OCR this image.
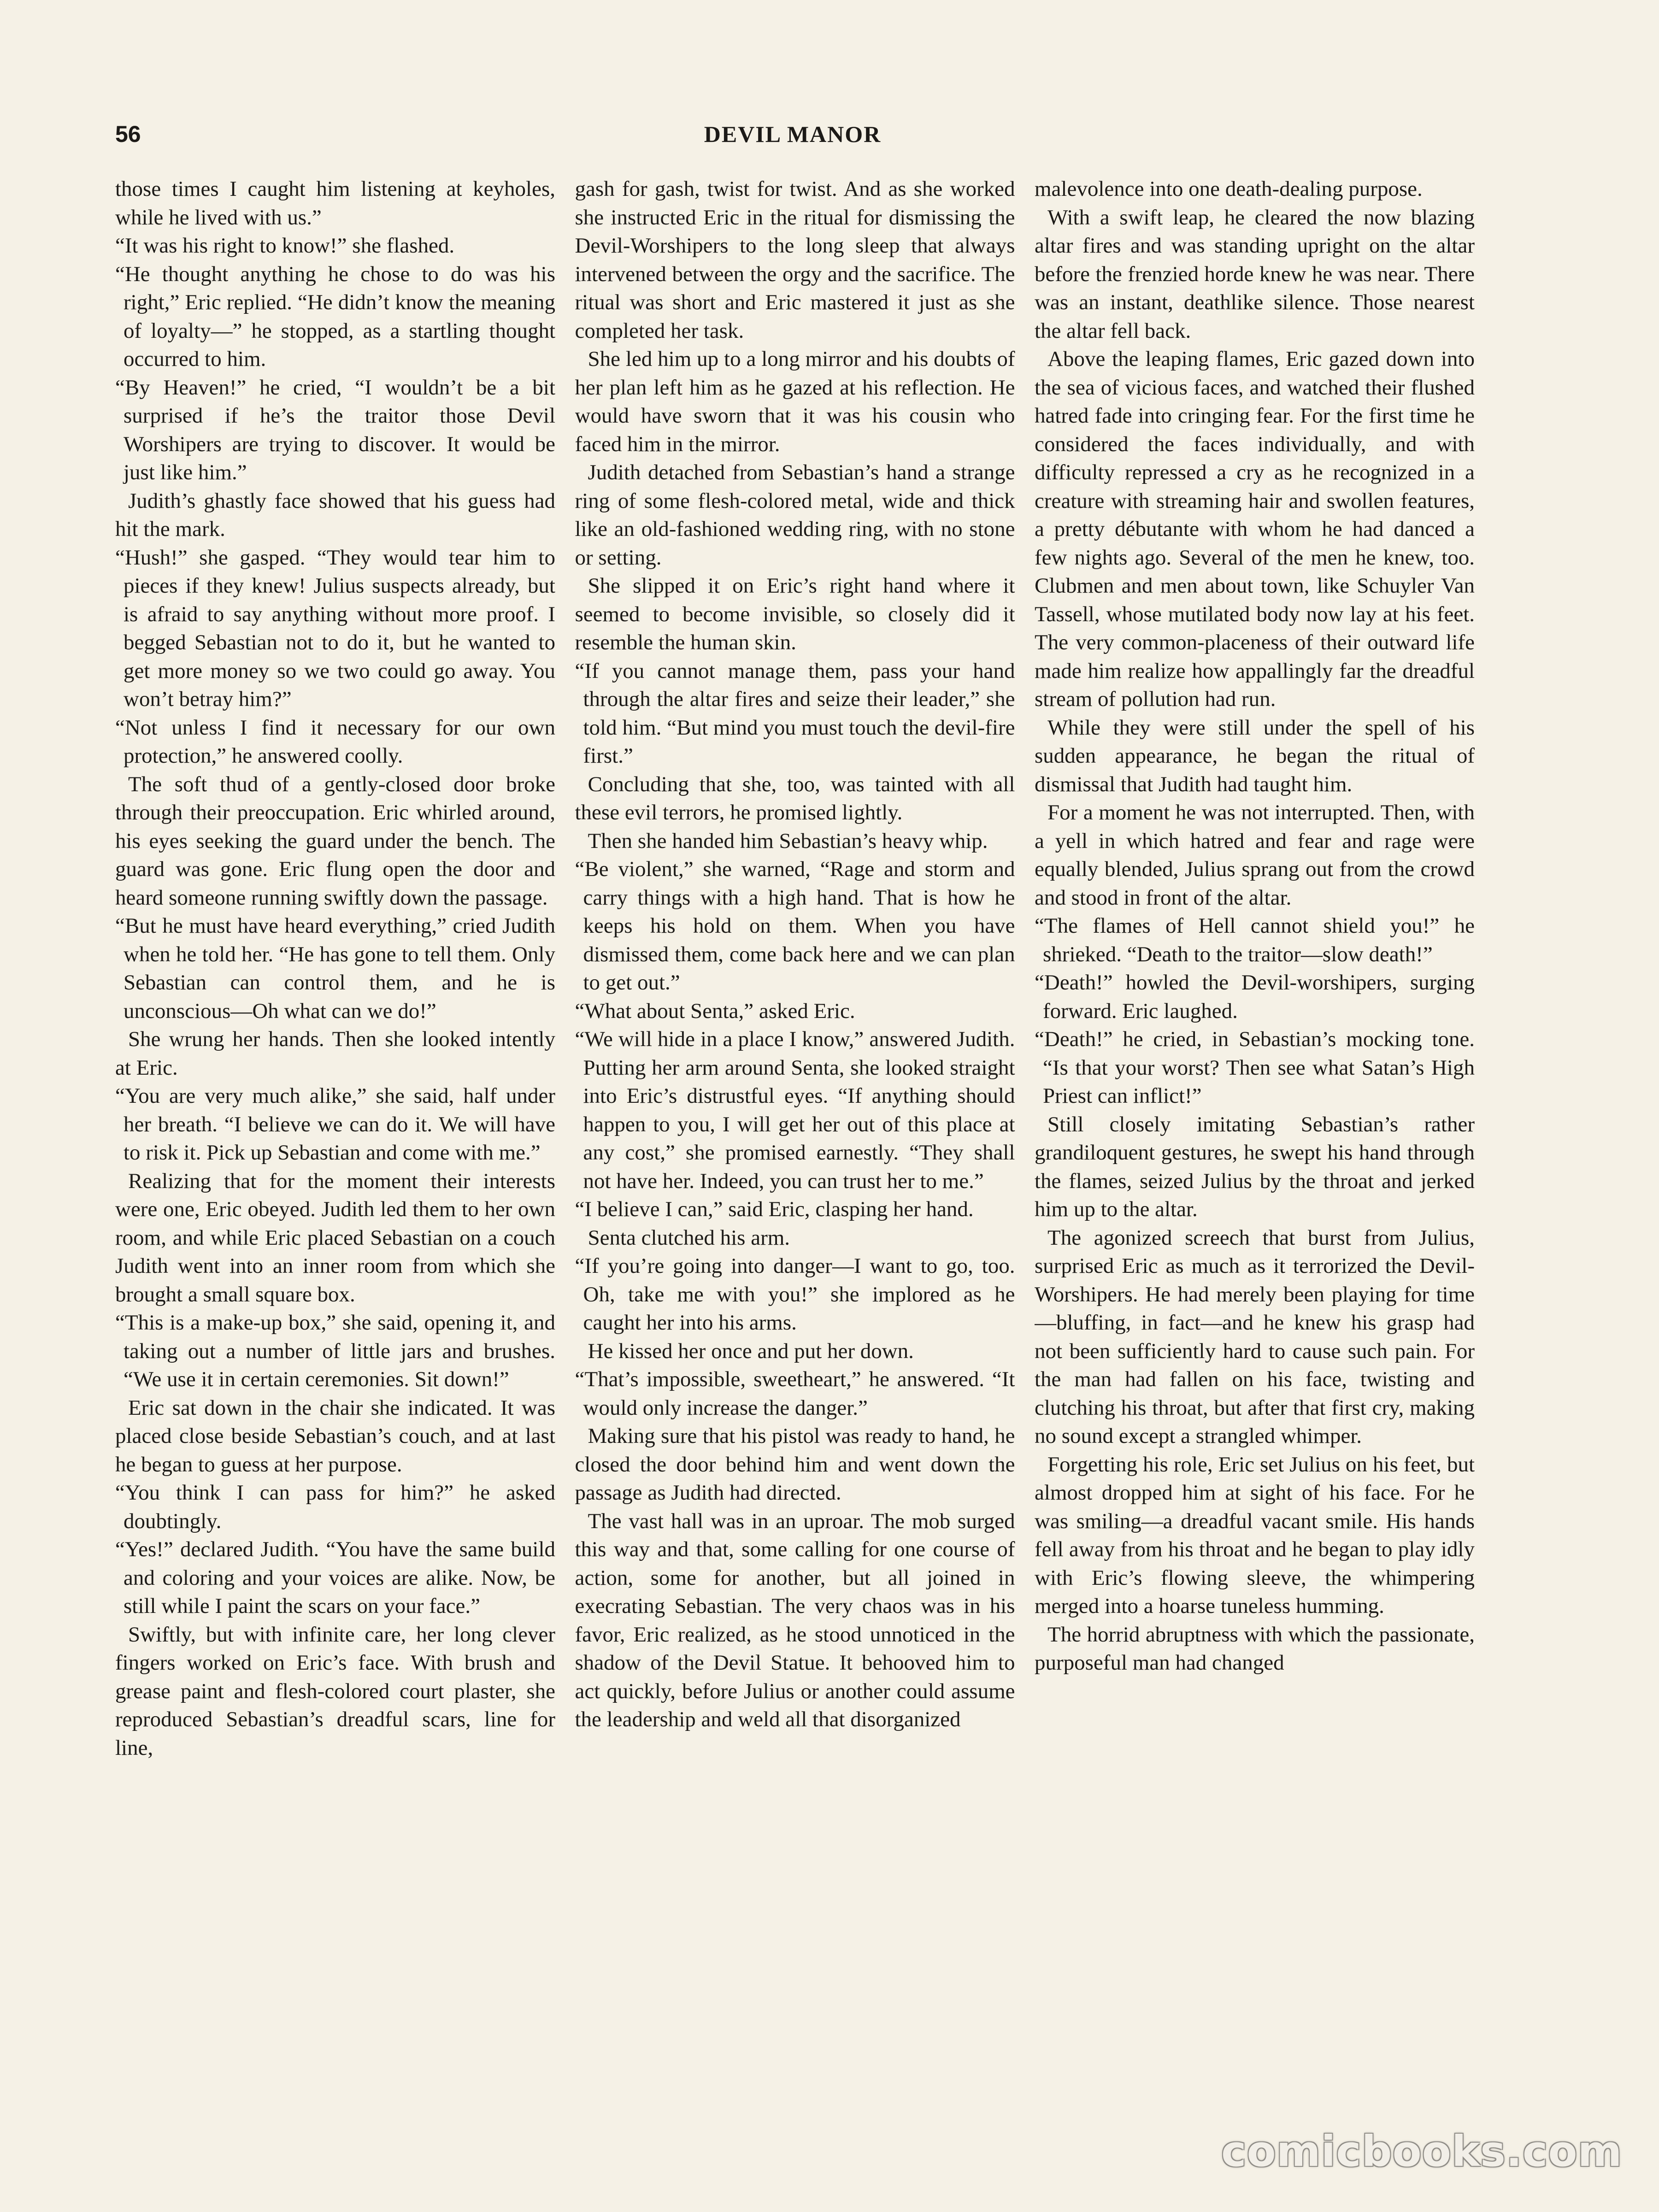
56	DEVIL MANOR

those times I caught him listening at keyholes, while he lived with us.”

“It was his right to know!” she flashed.

“He thought anything he chose to do was his right,” Eric replied. “He didn’t know the meaning of loyalty—” he stopped, as a startling thought occurred to him.

“By Heaven!” he cried, “I wouldn’t be a bit surprised if he’s the traitor those Devil Worshipers are trying to discover. It would be just like him.”

Judith’s ghastly face showed that his guess had hit the mark.

“Hush!” she gasped. “They would tear him to pieces if they knew! Julius suspects already, but is afraid to say anything without more proof. I begged Sebastian not to do it, but he wanted to get more money so we two could go away. You won’t betray him?”

“Not unless I find it necessary for our own protection,” he answered coolly.

The soft thud of a gently-closed door broke through their preoccupation. Eric whirled around, his eyes seeking the guard under the bench. The guard was gone. Eric flung open the door and heard someone running swiftly down the passage.

“But he must have heard everything,” cried Judith when he told her. “He has gone to tell them. Only Sebastian can control them, and he is unconscious—Oh what can we do!”

She wrung her hands. Then she looked intently at Eric.

“You are very much alike,” she said, half under her breath. “I believe we can do it. We will have to risk it. Pick up Sebastian and come with me.”

Realizing that for the moment their interests were one, Eric obeyed. Judith led them to her own room, and while Eric placed Sebastian on a couch Judith went into an inner room from which she brought a small square box.

“This is a make-up box,” she said, opening it, and taking out a number of little jars and brushes. “We use it in certain ceremonies. Sit down!”

Eric sat down in the chair she indicated. It was placed close beside Sebastian’s couch, and at last he began to guess at her purpose.

“You think I can pass for him?” he asked doubtingly.

“Yes!” declared Judith. “You have the same build and coloring and your voices are alike. Now, be still while I paint the scars on your face.”

Swiftly, but with infinite care, her long clever fingers worked on Eric’s face. With brush and grease paint and flesh-colored court plaster, she reproduced Sebastian’s dreadful scars, line for line,

gash for gash, twist for twist. And as she worked she instructed Eric in the ritual for dismissing the Devil-Worshipers to the long sleep that always intervened between the orgy and the sacrifice. The ritual was short and Eric mastered it just as she completed her task.

She led him up to a long mirror and his doubts of her plan left him as he gazed at his reflection. He would have sworn that it was his cousin who faced him in the mirror.

Judith detached from Sebastian’s hand a strange ring of some flesh-colored metal, wide and thick like an old-fashioned wedding ring, with no stone or setting.

She slipped it on Eric’s right hand where it seemed to become invisible, so closely did it resemble the human skin.

“If you cannot manage them, pass your hand through the altar fires and seize their leader,” she told him. “But mind you must touch the devil-fire first.”

Concluding that she, too, was tainted with all these evil terrors, he promised lightly.

Then she handed him Sebastian’s heavy whip.

“Be violent,” she warned, “Rage and storm and carry things with a high hand. That is how he keeps his hold on them. When you have dismissed them, come back here and we can plan to get out.”

“What about Senta,” asked Eric.

“We will hide in a place I know,” answered Judith. Putting her arm around Senta, she looked straight into Eric’s distrustful eyes. “If anything should happen to you, I will get her out of this place at any cost,” she promised earnestly. “They shall not have her. Indeed, you can trust her to me.”

“I believe I can,” said Eric, clasping her hand.

Senta clutched his arm.

“If you’re going into danger—I want to go, too. Oh, take me with you!” she implored as he caught her into his arms.

He kissed her once and put her down.

“That’s impossible, sweetheart,” he answered. “It would only increase the danger.”

Making sure that his pistol was ready to hand, he closed the door behind him and went down the passage as Judith had directed.

The vast hall was in an uproar. The mob surged this way and that, some calling for one course of action, some for another, but all joined in execrating Sebastian. The very chaos was in his favor, Eric realized, as he stood unnoticed in the shadow of the Devil Statue. It behooved him to act quickly, before Julius or another could assume the leadership and weld all that disorganized

malevolence into one death-dealing purpose.

With a swift leap, he cleared the now blazing altar fires and was standing upright on the altar before the frenzied horde knew he was near. There was an instant, deathlike silence. Those nearest the altar fell back.

Above the leaping flames, Eric gazed down into the sea of vicious faces, and watched their flushed hatred fade into cringing fear. For the first time he considered the faces individually, and with difficulty repressed a cry as he recognized in a creature with streaming hair and swollen features, a pretty débutante with whom he had danced a few nights ago. Several of the men he knew, too. Clubmen and men about town, like Schuyler Van Tassell, whose mutilated body now lay at his feet. The very common-placeness of their outward life made him realize how appallingly far the dreadful stream of pollution had run.

While they were still under the spell of his sudden appearance, he began the ritual of dismissal that Judith had taught him.

For a moment he was not interrupted. Then, with a yell in which hatred and fear and rage were equally blended, Julius sprang out from the crowd and stood in front of the altar.

“The flames of Hell cannot shield you!” he shrieked. “Death to the traitor—slow death!”

“Death!” howled the Devil-worshipers, surging forward. Eric laughed.

“Death!” he cried, in Sebastian’s mocking tone. “Is that your worst? Then see what Satan’s High Priest can inflict!”

Still closely imitating Sebastian’s rather grandiloquent gestures, he swept his hand through the flames, seized Julius by the throat and jerked him up to the altar.

The agonized screech that burst from Julius, surprised Eric as much as it terrorized the Devil-Worshipers. He had merely been playing for time—bluffing, in fact—and he knew his grasp had not been sufficiently hard to cause such pain. For the man had fallen on his face, twisting and clutching his throat, but after that first cry, making no sound except a strangled whimper.

Forgetting his role, Eric set Julius on his feet, but almost dropped him at sight of his face. For he was smiling—a dreadful vacant smile. His hands fell away from his throat and he began to play idly with Eric’s flowing sleeve, the whimpering merged into a hoarse tuneless humming.

The horrid abruptness with which the passionate, purposeful man had changed

comicbooks.com
